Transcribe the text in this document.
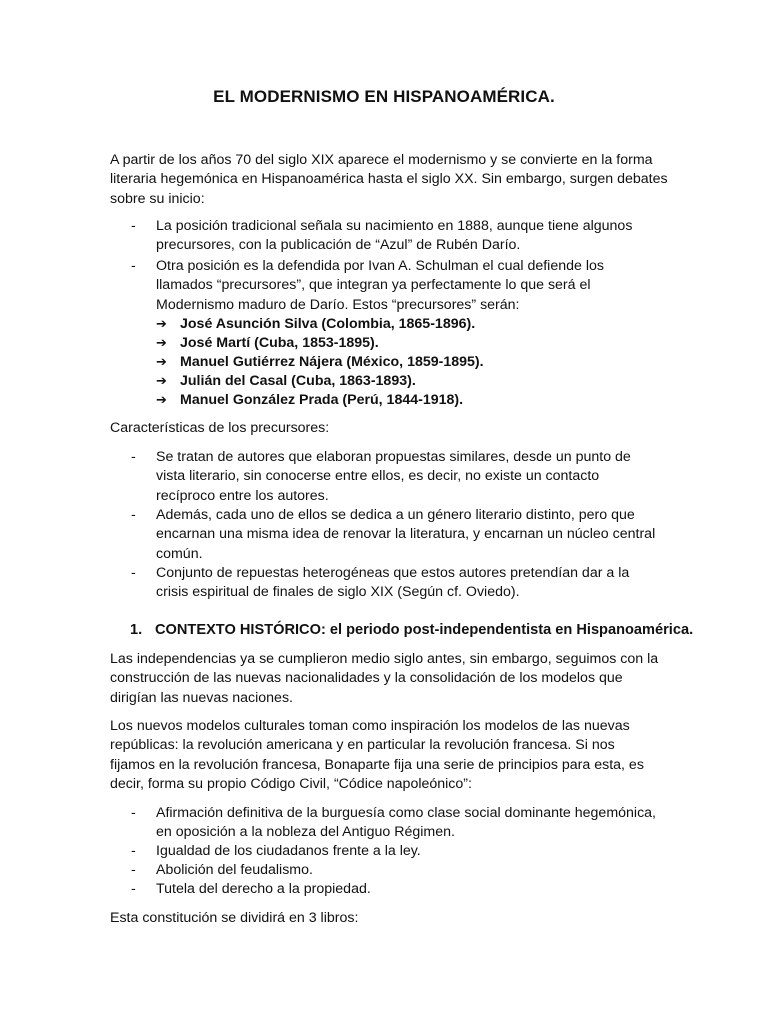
EL MODERNISMO EN HISPANOAMÉRICA.
A partir de los años 70 del siglo XIX aparece el modernismo y se convierte en la forma
literaria hegemónica en Hispanoamérica hasta el siglo XX. Sin embargo, surgen debates
sobre su inicio:
- La posición tradicional señala su nacimiento en 1888, aunque tiene algunos
precursores, con la publicación de “Azul” de Rubén Darío.
- Otra posición es la defendida por Ivan A. Schulman el cual defiende los
llamados “precursores”, que integran ya perfectamente lo que será el
Modernismo maduro de Darío. Estos “precursores” serán:
➔ José Asunción Silva (Colombia, 1865-1896).
➔ José Martí (Cuba, 1853-1895).
➔ Manuel Gutiérrez Nájera (México, 1859-1895).
➔ Julián del Casal (Cuba, 1863-1893).
➔ Manuel González Prada (Perú, 1844-1918).
Características de los precursores:
- Se tratan de autores que elaboran propuestas similares, desde un punto de
vista literario, sin conocerse entre ellos, es decir, no existe un contacto
recíproco entre los autores.
- Además, cada uno de ellos se dedica a un género literario distinto, pero que
encarnan una misma idea de renovar la literatura, y encarnan un núcleo central
común.
- Conjunto de repuestas heterogéneas que estos autores pretendían dar a la
crisis espiritual de finales de siglo XIX (Según cf. Oviedo).
1. CONTEXTO HISTÓRICO: el periodo post-independentista en Hispanoamérica.
Las independencias ya se cumplieron medio siglo antes, sin embargo, seguimos con la
construcción de las nuevas nacionalidades y la consolidación de los modelos que
dirigían las nuevas naciones.
Los nuevos modelos culturales toman como inspiración los modelos de las nuevas
repúblicas: la revolución americana y en particular la revolución francesa. Si nos
fijamos en la revolución francesa, Bonaparte fija una serie de principios para esta, es
decir, forma su propio Código Civil, “Códice napoleónico”:
- Afirmación definitiva de la burguesía como clase social dominante hegemónica,
en oposición a la nobleza del Antiguo Régimen.
- Igualdad de los ciudadanos frente a la ley.
- Abolición del feudalismo.
- Tutela del derecho a la propiedad.
Esta constitución se dividirá en 3 libros:
